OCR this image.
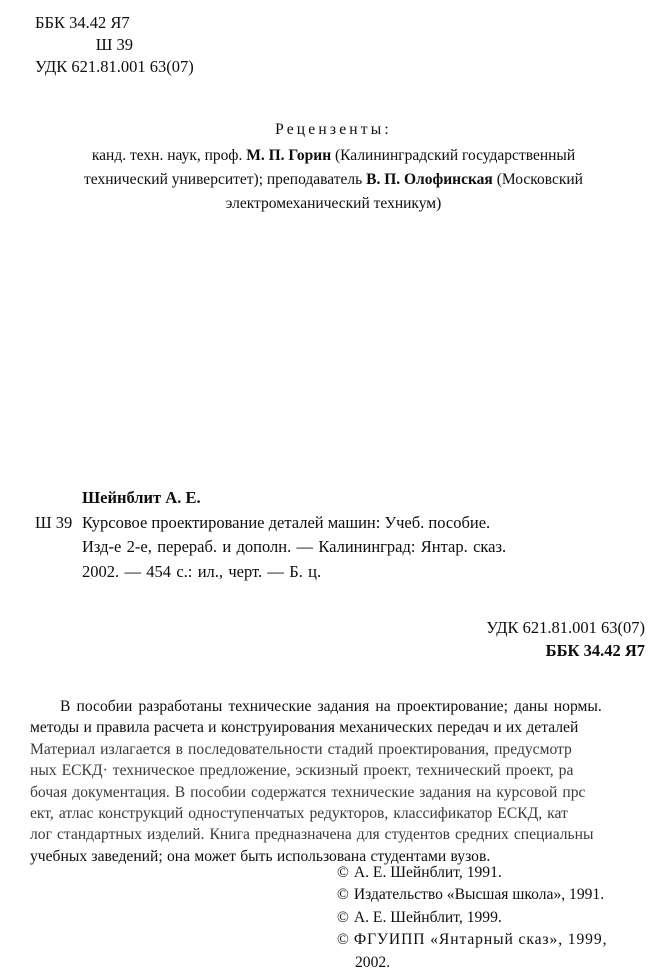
ББК 34.42 Я7
Ш 39
УДК 621.81.001 63(07)
Рецензенты:
канд. техн. наук, проф. М. П. Горин (Калининградский государственный
технический университет); преподаватель В. П. Олофинская (Московский
электромеханический техникум)
Шейнблит А. Е.
Ш 39 Курсовое проектирование деталей машин: Учеб. пособие.
Изд-е 2-е, перераб. и дополн. — Калининград: Янтар. сказ.
2002. — 454 с.: ил., черт. — Б. ц.
УДК 621.81.001 63(07)
ББК 34.42 Я7
В пособии разработаны технические задания на проектирование; даны нормы.
методы и правила расчета и конструирования механических передач и их деталей
Материал излагается в последовательности стадий проектирования, предусмотр
ных ЕСКД· техническое предложение, эскизный проект, технический проект, ра
бочая документация. В пособии содержатся технические задания на курсовой прс
ект, атлас конструкций одноступенчатых редукторов, классификатор ЕСКД, кат
лог стандартных изделий. Книга предназначена для студентов средних специальны
учебных заведений; она может быть использована студентами вузов.
© А. Е. Шейнблит, 1991.
© Издательство «Высшая школа», 1991.
© А. Е. Шейнблит, 1999.
© ФГУИПП «Янтарный сказ», 1999,
2002.
